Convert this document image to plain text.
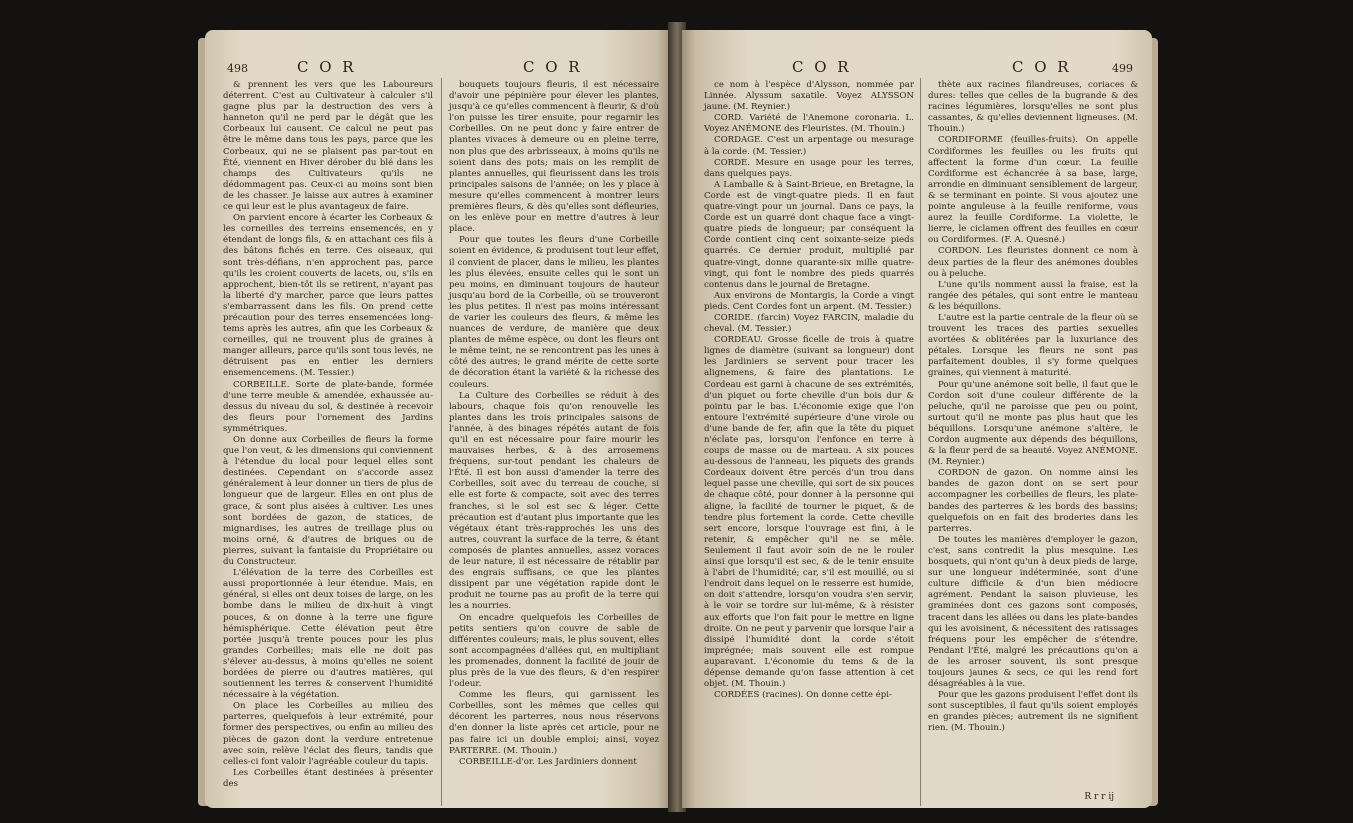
498	C O R	C O R

& prennent les vers que les Laboureurs déterrent. C'est au Cultivateur à calculer s'il gagne plus par la destruction des vers à hanneton qu'il ne perd par le dégât que les Corbeaux lui causent. Ce calcul ne peut pas être le même dans tous les pays, parce que les Corbeaux, qui ne se plaisent pas par-tout en Été, viennent en Hiver dérober du blé dans les champs des Cultivateurs qu'ils ne dédommagent pas. Ceux-ci au moins sont bien de les chasser. Je laisse aux autres à examiner ce qui leur est le plus avantageux de faire.

On parvient encore à écarter les Corbeaux & les corneilles des terreins ensemencés, en y étendant de longs fils, & en attachant ces fils à des bâtons fichés en terre. Ces oiseaux, qui sont très-défians, n'en approchent pas, parce qu'ils les croient couverts de lacets, ou, s'ils en approchent, bien-tôt ils se retirent, n'ayant pas la liberté d'y marcher, parce que leurs pattes s'embarrassent dans les fils. On prend cette précaution pour des terres ensemencées long-tems après les autres, afin que les Corbeaux & corneilles, qui ne trouvent plus de graines à manger ailleurs, parce qu'ils sont tous levés, ne détruisent pas en entier les derniers ensemencemens. (M. Tessier.)

CORBEILLE. Sorte de plate-bande, formée d'une terre meuble & amendée, exhaussée au-dessus du niveau du sol, & destinée à recevoir des fleurs pour l'ornement des Jardins symmétriques.

On donne aux Corbeilles de fleurs la forme que l'on veut, & les dimensions qui conviennent à l'étendue du local pour lequel elles sont destinées. Cependant on s'accorde assez généralement à leur donner un tiers de plus de longueur que de largeur. Elles en ont plus de grace, & sont plus aisées à cultiver. Les unes sont bordées de gazon, de statices, de mignardises, les autres de treillage plus ou moins orné, & d'autres de briques ou de pierres, suivant la fantaisie du Propriétaire ou du Constructeur.

L'élévation de la terre des Corbeilles est aussi proportionnée à leur étendue. Mais, en général, si elles ont deux toises de large, on les bombe dans le milieu de dix-huit à vingt pouces, & on donne à la terre une figure hémisphérique. Cette élévation peut être portée jusqu'à trente pouces pour les plus grandes Corbeilles; mais elle ne doit pas s'élever au-dessus, à moins qu'elles ne soient bordées de pierre ou d'autres matières, qui soutiennent les terres & conservent l'humidité nécessaire à la végétation.

On place les Corbeilles au milieu des parterres, quelquefois à leur extrémité, pour former des perspectives, ou enfin au milieu des pièces de gazon dont la verdure entretenue avec soin, relève l'éclat des fleurs, tandis que celles-ci font valoir l'agréable couleur du tapis.

Les Corbeilles étant destinées à présenter des

bouquets toujours fleuris, il est nécessaire d'avoir une pépinière pour élever les plantes, jusqu'à ce qu'elles commencent à fleurir, & d'où l'on puisse les tirer ensuite, pour regarnir les Corbeilles. On ne peut donc y faire entrer de plantes vivaces à demeure ou en pleine terre, non plus que des arbrisseaux, à moins qu'ils ne soient dans des pots; mais on les remplit de plantes annuelles, qui fleurissent dans les trois principales saisons de l'année; on les y place à mesure qu'elles commencent à montrer leurs premières fleurs, & dès qu'elles sont défleuries, on les enlève pour en mettre d'autres à leur place.

Pour que toutes les fleurs d'une Corbeille soient en évidence, & produisent tout leur effet, il convient de placer, dans le milieu, les plantes les plus élevées, ensuite celles qui le sont un peu moins, en diminuant toujours de hauteur jusqu'au bord de la Corbeille, où se trouveront les plus petites. Il n'est pas moins intéressant de varier les couleurs des fleurs, & même les nuances de verdure, de manière que deux plantes de même espèce, ou dont les fleurs ont le même teint, ne se rencontrent pas les unes à côté des autres; le grand mérite de cette sorte de décoration étant la variété & la richesse des couleurs.

La Culture des Corbeilles se réduit à des labours, chaque fois qu'on renouvelle les plantes dans les trois principales saisons de l'année, à des binages répétés autant de fois qu'il en est nécessaire pour faire mourir les mauvaises herbes, & à des arrosemens fréquens, sur-tout pendant les chaleurs de l'Été. Il est bon aussi d'amender la terre des Corbeilles, soit avec du terreau de couche, si elle est forte & compacte, soit avec des terres franches, si le sol est sec & léger. Cette précaution est d'autant plus importante que les végétaux étant très-rapprochés les uns des autres, couvrant la surface de la terre, & étant composés de plantes annuelles, assez voraces de leur nature, il est nécessaire de rétablir par des engrais suffisans, ce que les plantes dissipent par une végétation rapide dont le produit ne tourne pas au profit de la terre qui les a nourries.

On encadre quelquefois les Corbeilles de petits sentiers qu'on couvre de sable de différentes couleurs; mais, le plus souvent, elles sont accompagnées d'allées qui, en multipliant les promenades, donnent la facilité de jouir de plus près de la vue des fleurs, & d'en respirer l'odeur.

Comme les fleurs, qui garnissent les Corbeilles, sont les mêmes que celles qui décorent les parterres, nous nous réservons d'en donner la liste après cet article, pour ne pas faire ici un double emploi; ainsi, voyez PARTERRE. (M. Thouin.)

CORBEILLE-d'or. Les Jardiniers donnent

C O R	C O R	499

ce nom à l'espèce d'Alysson, nommée par Linnée. Alyssum saxatile. Voyez ALYSSON jaune. (M. Reynier.)

CORD. Variété de l'Anemone coronaria. L. Voyez ANÉMONE des Fleuristes. (M. Thouin.)

CORDAGE. C'est un arpentage ou mesurage à la corde. (M. Tessier.)

CORDE. Mesure en usage pour les terres, dans quelques pays.

A Lamballe & à Saint-Brieue, en Bretagne, la Corde est de vingt-quatre pieds. Il en faut quatre-vingt pour un journal. Dans ce pays, la Corde est un quarré dont chaque face a vingt-quatre pieds de longueur; par conséquent la Corde contient cinq cent soixante-seize pieds quarrés. Ce dernier produit, multiplié par quatre-vingt, donne quarante-six mille quatre-vingt, qui font le nombre des pieds quarrés contenus dans le journal de Bretagne.

Aux environs de Montargis, la Corde a vingt pieds. Cent Cordes font un arpent. (M. Tessier.)

CORIDE. (farcin) Voyez FARCIN, maladie du cheval. (M. Tessier.)

CORDEAU. Grosse ficelle de trois à quatre lignes de diamètre (suivant sa longueur) dont les Jardiniers se servent pour tracer les alignemens, & faire des plantations. Le Cordeau est garni à chacune de ses extrémités, d'un piquet ou forte cheville d'un bois dur & pointu par le bas. L'économie exige que l'on entoure l'extrémité supérieure d'une virole ou d'une bande de fer, afin que la tête du piquet n'éclate pas, lorsqu'on l'enfonce en terre à coups de masse ou de marteau. A six pouces au-dessous de l'anneau, les piquets des grands Cordeaux doivent être percés d'un trou dans lequel passe une cheville, qui sort de six pouces de chaque côté, pour donner à la personne qui aligne, la facilité de tourner le piquet, & de tendre plus fortement la corde. Cette cheville sert encore, lorsque l'ouvrage est fini, à le retenir, & empêcher qu'il ne se mêle. Seulement il faut avoir soin de ne le rouler ainsi que lorsqu'il est sec, & de le tenir ensuite à l'abri de l'humidité; car, s'il est mouillé, ou si l'endroit dans lequel on le resserre est humide, on doit s'attendre, lorsqu'on voudra s'en servir, à le voir se tordre sur lui-même, & à résister aux efforts que l'on fait pour le mettre en ligne droite. On ne peut y parvenir que lorsque l'air a dissipé l'humidité dont la corde s'étoit imprégnée; mais souvent elle est rompue auparavant. L'économie du tems & de la dépense demande qu'on fasse attention à cet objet. (M. Thouin.)

CORDÉES (racines). On donne cette épi-

thète aux racines filandreuses, coriaces & dures: telles que celles de la bugrande & des racines légumières, lorsqu'elles ne sont plus cassantes, & qu'elles deviennent ligneuses. (M. Thouin.)

CORDIFORME (feuilles-fruits). On appelle Cordiformes les feuilles ou les fruits qui affectent la forme d'un cœur. La feuille Cordiforme est échancrée à sa base, large, arrondie en diminuant sensiblement de largeur, & se terminant en pointe. Si vous ajoutez une pointe anguleuse à la feuille reniforme, vous aurez la feuille Cordiforme. La violette, le lierre, le ciclamen offrent des feuilles en cœur ou Cordiformes. (F. A. Quesné.)

CORDON. Les fleuristes donnent ce nom à deux parties de la fleur des anémones doubles ou à peluche.

L'une qu'ils nomment aussi la fraise, est la rangée des pétales, qui sont entre le manteau & les béquillons.

L'autre est la partie centrale de la fleur où se trouvent les traces des parties sexuelles avortées & oblitérées par la luxuriance des pétales. Lorsque les fleurs ne sont pas parfaitement doubles, il s'y forme quelques graines, qui viennent à maturité.

Pour qu'une anémone soit belle, il faut que le Cordon soit d'une couleur différente de la peluche, qu'il ne paroisse que peu ou point, surtout qu'il ne monte pas plus haut que les béquillons. Lorsqu'une anémone s'altère, le Cordon augmente aux dépends des béquillons, & la fleur perd de sa beauté. Voyez ANÉMONE. (M. Reynier.)

CORDON de gazon. On nomme ainsi les bandes de gazon dont on se sert pour accompagner les corbeilles de fleurs, les plate-bandes des parterres & les bords des bassins; quelquefois on en fait des broderies dans les parterres.

De toutes les manières d'employer le gazon, c'est, sans contredit la plus mesquine. Les bosquets, qui n'ont qu'un à deux pieds de large, sur une longueur indéterminée, sont d'une culture difficile & d'un bien médiocre agrément. Pendant la saison pluvieuse, les graminées dont ces gazons sont composés, tracent dans les allées ou dans les plate-bandes qui les avoisinent, & nécessitent des ratissages fréquens pour les empêcher de s'étendre. Pendant l'Été, malgré les précautions qu'on a de les arroser souvent, ils sont presque toujours jaunes & secs, ce qui les rend fort désagréables à la vue.

Pour que les gazons produisent l'effet dont ils sont susceptibles, il faut qu'ils soient employés en grandes pièces; autrement ils ne signifient rien. (M. Thouin.)

R r r ij
